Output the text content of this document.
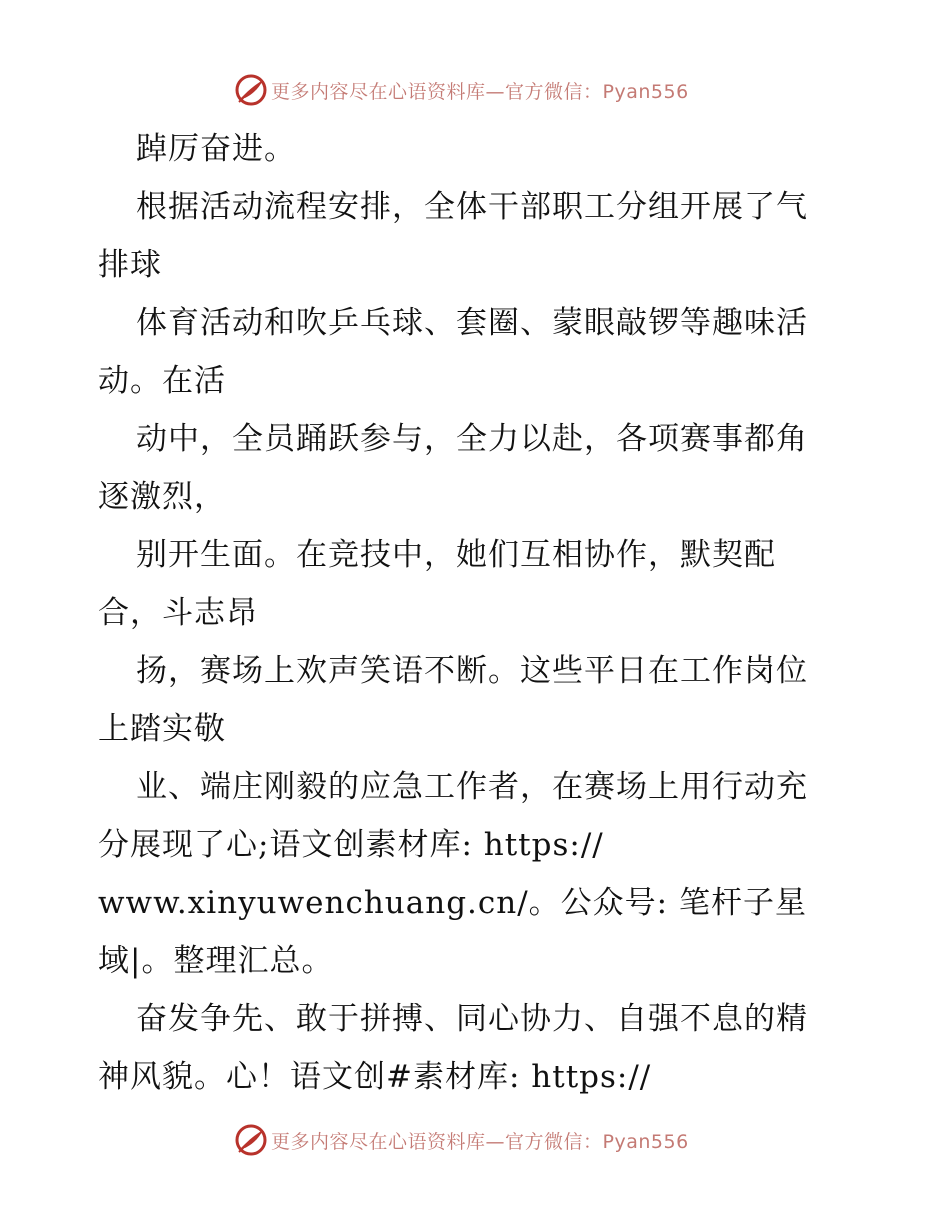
更多内容尽在心语资料库—官方微信：Pyan556
踔厉奋进。
根据活动流程安排，全体干部职工分组开展了气
排球
体育活动和吹乒乓球、套圈、蒙眼敲锣等趣味活
动。在活
动中，全员踊跃参与，全力以赴，各项赛事都角
逐激烈，
别开生面。在竞技中，她们互相协作，默契配
合，斗志昂
扬，赛场上欢声笑语不断。这些平日在工作岗位
上踏实敬
业、端庄刚毅的应急工作者，在赛场上用行动充
分展现了心;语文创素材库: https://
www.xinyuwenchuang.cn/。公众号: 笔杆子星
域|。整理汇总。
奋发争先、敢于拼搏、同心协力、自强不息的精
神风貌。心！语文创#素材库: https://
更多内容尽在心语资料库—官方微信：Pyan556
